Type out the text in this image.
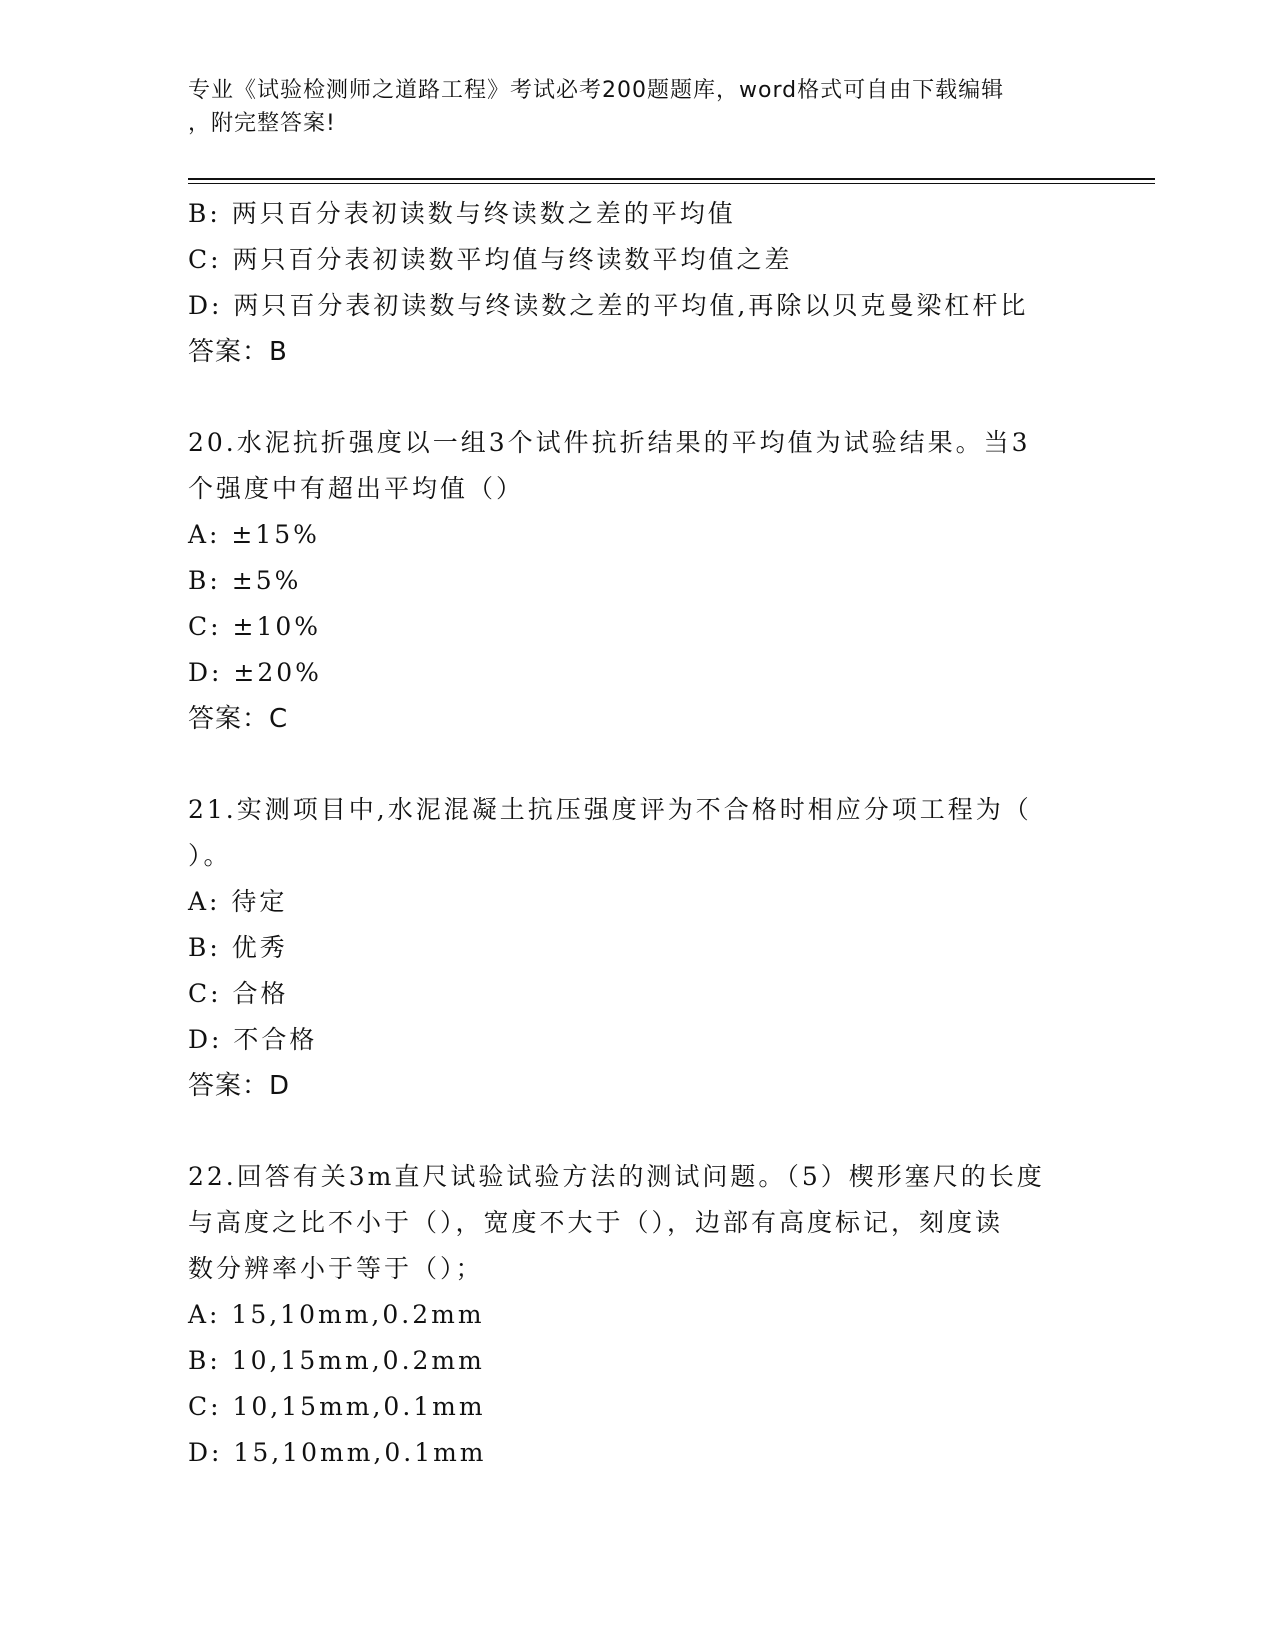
专业《试验检测师之道路工程》考试必考200题题库，word格式可自由下载编辑
，附完整答案!

B: 两只百分表初读数与终读数之差的平均值

C: 两只百分表初读数平均值与终读数平均值之差

D: 两只百分表初读数与终读数之差的平均值,再除以贝克曼梁杠杆比

答案：B

20.水泥抗折强度以一组3个试件抗折结果的平均值为试验结果。当3

个强度中有超出平均值（）

A: ±15%

B: ±5%

C: ±10%

D: ±20%

答案：C

21.实测项目中,水泥混凝土抗压强度评为不合格时相应分项工程为（

）。

A: 待定

B: 优秀

C: 合格

D: 不合格

答案：D

22.回答有关3m直尺试验试验方法的测试问题。（5）楔形塞尺的长度

与高度之比不小于（），宽度不大于（），边部有高度标记，刻度读

数分辨率小于等于（）；

A: 15,10mm,0.2mm

B: 10,15mm,0.2mm

C: 10,15mm,0.1mm

D: 15,10mm,0.1mm
